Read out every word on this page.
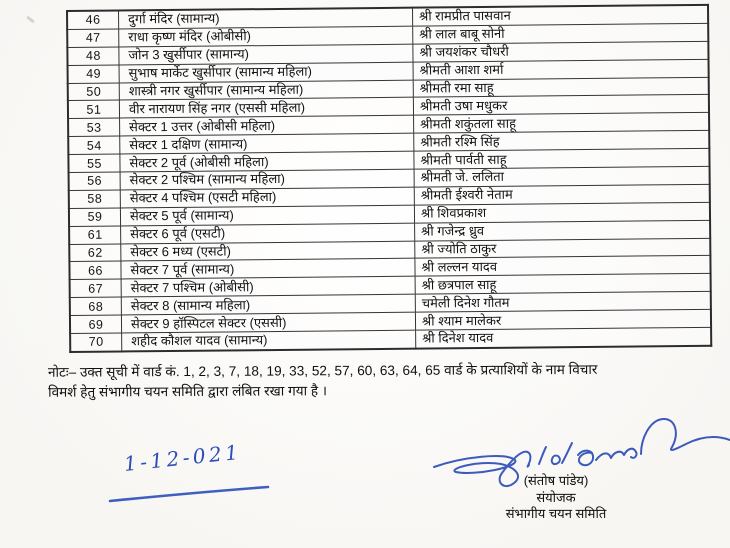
46	दुर्गा मंदिर (सामान्य)	श्री रामप्रीत पासवान
47	राधा कृष्ण मंदिर (ओबीसी)	श्री लाल बाबू सोनी
48	जोन 3 खुर्सीपार (सामान्य)	श्री जयशंकर चौधरी
49	सुभाष मार्केट खुर्सीपार (सामान्य महिला)	श्रीमती आशा शर्मा
50	शास्त्री नगर खुर्सीपार (सामान्य महिला)	श्रीमती रमा साहू
51	वीर नारायण सिंह नगर (एससी महिला)	श्रीमती उषा मधुकर
53	सेक्टर 1 उत्तर (ओबीसी महिला)	श्रीमती शकुंतला साहू
54	सेक्टर 1 दक्षिण (सामान्य)	श्रीमती रश्मि सिंह
55	सेक्टर 2 पूर्व (ओबीसी महिला)	श्रीमती पार्वती साहू
56	सेक्टर 2 पश्चिम (सामान्य महिला)	श्रीमती जे. ललिता
58	सेक्टर 4 पश्चिम (एसटी महिला)	श्रीमती ईश्वरी नेताम
59	सेक्टर 5 पूर्व (सामान्य)	श्री शिवप्रकाश
61	सेक्टर 6 पूर्व (एसटी)	श्री गजेन्द्र ध्रुव
62	सेक्टर 6 मध्य (एसटी)	श्री ज्योति ठाकुर
66	सेक्टर 7 पूर्व (सामान्य)	श्री लल्लन यादव
67	सेक्टर 7 पश्चिम (ओबीसी)	श्री छत्रपाल साहू
68	सेक्टर 8 (सामान्य महिला)	चमेली दिनेश गौतम
69	सेक्टर 9 हॉस्पिटल सेक्टर (एससी)	श्री श्याम मालेकर
70	शहीद कौशल यादव (सामान्य)	श्री दिनेश यादव
नोटः– उक्त सूची में वार्ड कं. 1, 2, 3, 7, 18, 19, 33, 52, 57, 60, 63, 64, 65 वार्ड के प्रत्याशियों के नाम विचार
विमर्श हेतु संभागीय चयन समिति द्वारा लंबित रखा गया है ।
1-12-021
(संतोष पांडेय)
संयोजक
संभागीय चयन समिति
